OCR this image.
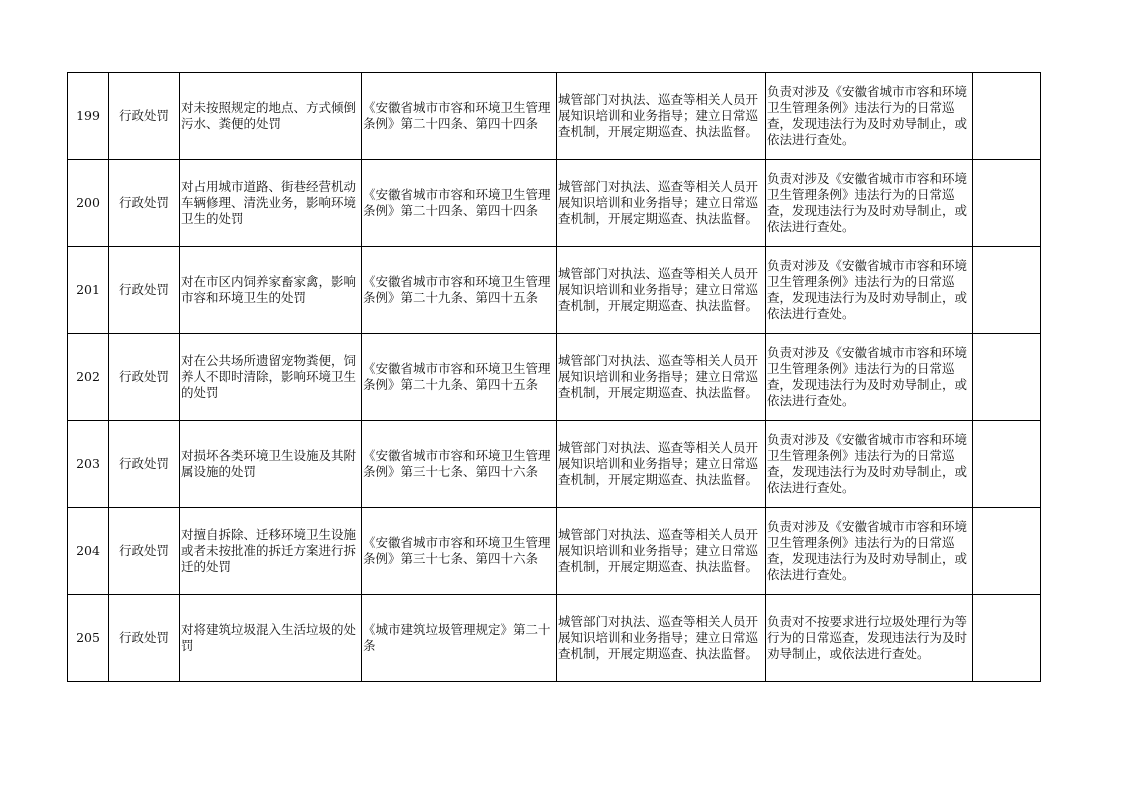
199	行政处罚	对未按照规定的地点、方式倾倒污水、粪便的处罚	《安徽省城市市容和环境卫生管理条例》第二十四条、第四十四条	城管部门对执法、巡查等相关人员开展知识培训和业务指导；建立日常巡查机制，开展定期巡查、执法监督。	负责对涉及《安徽省城市市容和环境卫生管理条例》违法行为的日常巡查，发现违法行为及时劝导制止，或依法进行查处。	
200	行政处罚	对占用城市道路、街巷经营机动车辆修理、清洗业务，影响环境卫生的处罚	《安徽省城市市容和环境卫生管理条例》第二十四条、第四十四条	城管部门对执法、巡查等相关人员开展知识培训和业务指导；建立日常巡查机制，开展定期巡查、执法监督。	负责对涉及《安徽省城市市容和环境卫生管理条例》违法行为的日常巡查，发现违法行为及时劝导制止，或依法进行查处。	
201	行政处罚	对在市区内饲养家畜家禽，影响市容和环境卫生的处罚	《安徽省城市市容和环境卫生管理条例》第二十九条、第四十五条	城管部门对执法、巡查等相关人员开展知识培训和业务指导；建立日常巡查机制，开展定期巡查、执法监督。	负责对涉及《安徽省城市市容和环境卫生管理条例》违法行为的日常巡查，发现违法行为及时劝导制止，或依法进行查处。	
202	行政处罚	对在公共场所遗留宠物粪便，饲养人不即时清除，影响环境卫生的处罚	《安徽省城市市容和环境卫生管理条例》第二十九条、第四十五条	城管部门对执法、巡查等相关人员开展知识培训和业务指导；建立日常巡查机制，开展定期巡查、执法监督。	负责对涉及《安徽省城市市容和环境卫生管理条例》违法行为的日常巡查，发现违法行为及时劝导制止，或依法进行查处。	
203	行政处罚	对损坏各类环境卫生设施及其附属设施的处罚	《安徽省城市市容和环境卫生管理条例》第三十七条、第四十六条	城管部门对执法、巡查等相关人员开展知识培训和业务指导；建立日常巡查机制，开展定期巡查、执法监督。	负责对涉及《安徽省城市市容和环境卫生管理条例》违法行为的日常巡查，发现违法行为及时劝导制止，或依法进行查处。	
204	行政处罚	对擅自拆除、迁移环境卫生设施或者未按批准的拆迁方案进行拆迁的处罚	《安徽省城市市容和环境卫生管理条例》第三十七条、第四十六条	城管部门对执法、巡查等相关人员开展知识培训和业务指导；建立日常巡查机制，开展定期巡查、执法监督。	负责对涉及《安徽省城市市容和环境卫生管理条例》违法行为的日常巡查，发现违法行为及时劝导制止，或依法进行查处。	
205	行政处罚	对将建筑垃圾混入生活垃圾的处罚	《城市建筑垃圾管理规定》第二十条	城管部门对执法、巡查等相关人员开展知识培训和业务指导；建立日常巡查机制，开展定期巡查、执法监督。	负责对不按要求进行垃圾处理行为等行为的日常巡查，发现违法行为及时劝导制止，或依法进行查处。	
